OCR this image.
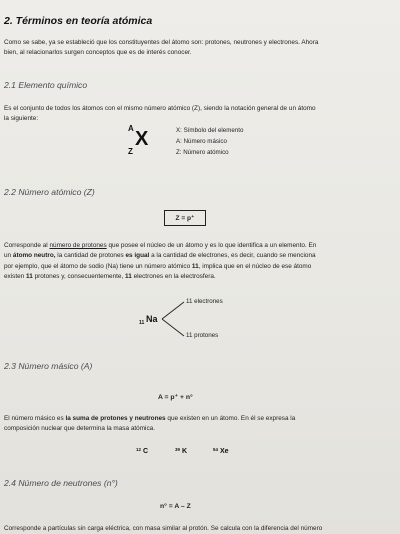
2. Términos en teoría atómica

Como se sabe, ya se estableció que los constituyentes del átomo son: protones, neutrones y electrones. Ahora

bien, al relacionarlos surgen conceptos que es de interés conocer.

2.1 Elemento químico

Es el conjunto de todos los átomos con el mismo número atómico (Z), siendo la notación general de un átomo

la siguiente:

A
Z
X	X: Símbolo del elemento
A: Número másico
Z: Número atómico
2.2 Número atómico (Z)
Z = p⁺

Corresponde al número de protones que posee el núcleo de un átomo y es lo que identifica a un elemento. En

un átomo neutro, la cantidad de protones es igual a la cantidad de electrones, es decir, cuando se menciona

por ejemplo, que el átomo de sodio (Na) tiene un número atómico 11, implica que en el núcleo de ese átomo

existen 11 protones y, consecuentemente, 11 electrones en la electrosfera.

11 Na
11 electrones
11 protones
2.3 Número másico (A)
A = p⁺ + n°

El número másico es la suma de protones y neutrones que existen en un átomo. En él se expresa la

composición nuclear que determina la masa atómica.

12 C	39 K	54 Xe
2.4 Número de neutrones (n°)
n° = A – Z

Corresponde a partículas sin carga eléctrica, con masa similar al protón. Se calcula con la diferencia del número
